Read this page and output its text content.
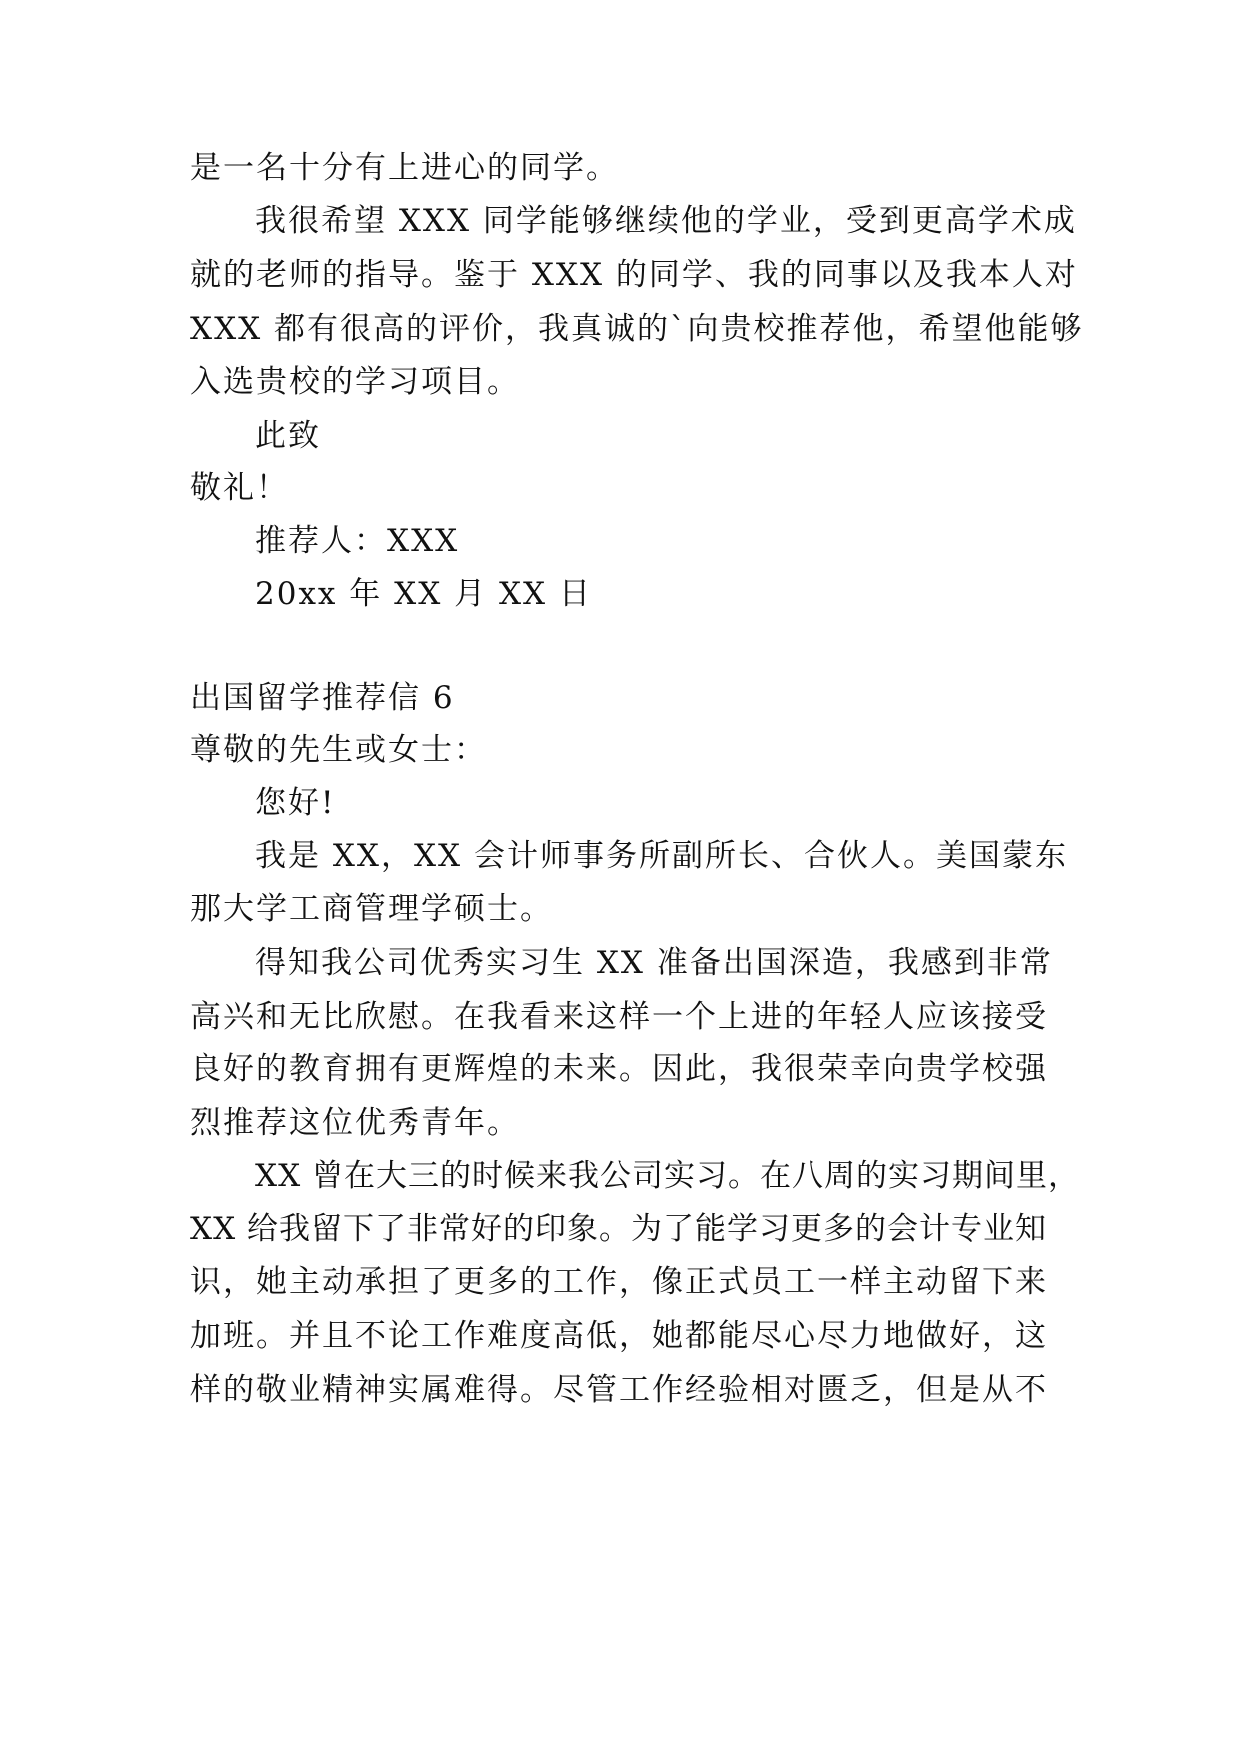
是一名十分有上进心的同学。
我很希望 XXX 同学能够继续他的学业，受到更高学术成
就的老师的指导。鉴于 XXX 的同学、我的同事以及我本人对
XXX 都有很高的评价，我真诚的`向贵校推荐他，希望他能够
入选贵校的学习项目。
此致
敬礼！
推荐人：XXX
20xx 年 XX 月 XX 日
出国留学推荐信 6
尊敬的先生或女士：
您好!
我是 XX，XX 会计师事务所副所长、合伙人。美国蒙东
那大学工商管理学硕士。
得知我公司优秀实习生 XX 准备出国深造，我感到非常
高兴和无比欣慰。在我看来这样一个上进的年轻人应该接受
良好的教育拥有更辉煌的未来。因此，我很荣幸向贵学校强
烈推荐这位优秀青年。
XX 曾在大三的时候来我公司实习。在八周的实习期间里，
XX 给我留下了非常好的印象。为了能学习更多的会计专业知
识，她主动承担了更多的工作，像正式员工一样主动留下来
加班。并且不论工作难度高低，她都能尽心尽力地做好，这
样的敬业精神实属难得。尽管工作经验相对匮乏，但是从不
